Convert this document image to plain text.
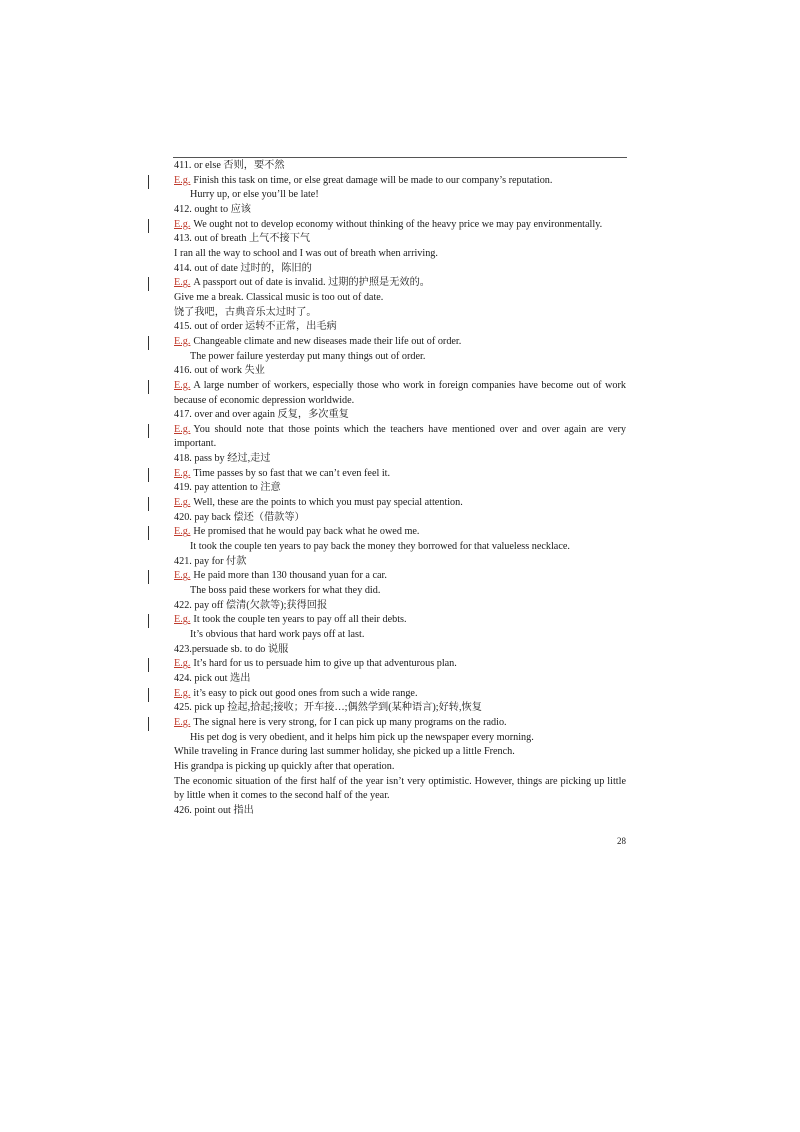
411. or else 否则，要不然
E.g. Finish this task on time, or else great damage will be made to our company’s reputation.
Hurry up, or else you’ll be late!
412. ought to 应该
E.g. We ought not to develop economy without thinking of the heavy price we may pay environmentally.
413. out of breath 上气不接下气
I ran all the way to school and I was out of breath when arriving.
414. out of date 过时的，陈旧的
E.g. A passport out of date is invalid. 过期的护照是无效的。
Give me a break. Classical music is too out of date.
饶了我吧，古典音乐太过时了。
415. out of order 运转不正常，出毛病
E.g. Changeable climate and new diseases made their life out of order.
The power failure yesterday put many things out of order.
416. out of work 失业
E.g. A large number of workers, especially those who work in foreign companies have become out of work because of economic depression worldwide.
417. over and over again 反复，多次重复
E.g. You should note that those points which the teachers have mentioned over and over again are very important.
418. pass by 经过,走过
E.g. Time passes by so fast that we can’t even feel it.
419. pay attention to 注意
E.g. Well, these are the points to which you must pay special attention.
420. pay back 偿还（借款等）
E.g. He promised that he would pay back what he owed me.
It took the couple ten years to pay back the money they borrowed for that valueless necklace.
421. pay for 付款
E.g. He paid more than 130 thousand yuan for a car.
The boss paid these workers for what they did.
422. pay off 偿清(欠款等);获得回报
E.g. It took the couple ten years to pay off all their debts.
It’s obvious that hard work pays off at last.
423.persuade sb. to do 说服
E.g. It’s hard for us to persuade him to give up that adventurous plan.
424. pick out 选出
E.g. it’s easy to pick out good ones from such a wide range.
425. pick up 捡起,拾起;接收；开车接…;偶然学到(某种语言);好转,恢复
E.g. The signal here is very strong, for I can pick up many programs on the radio.
His pet dog is very obedient, and it helps him pick up the newspaper every morning.
While traveling in France during last summer holiday, she picked up a little French.
His grandpa is picking up quickly after that operation.
The economic situation of the first half of the year isn’t very optimistic. However, things are picking up little by little when it comes to the second half of the year.
426. point out 指出
28
